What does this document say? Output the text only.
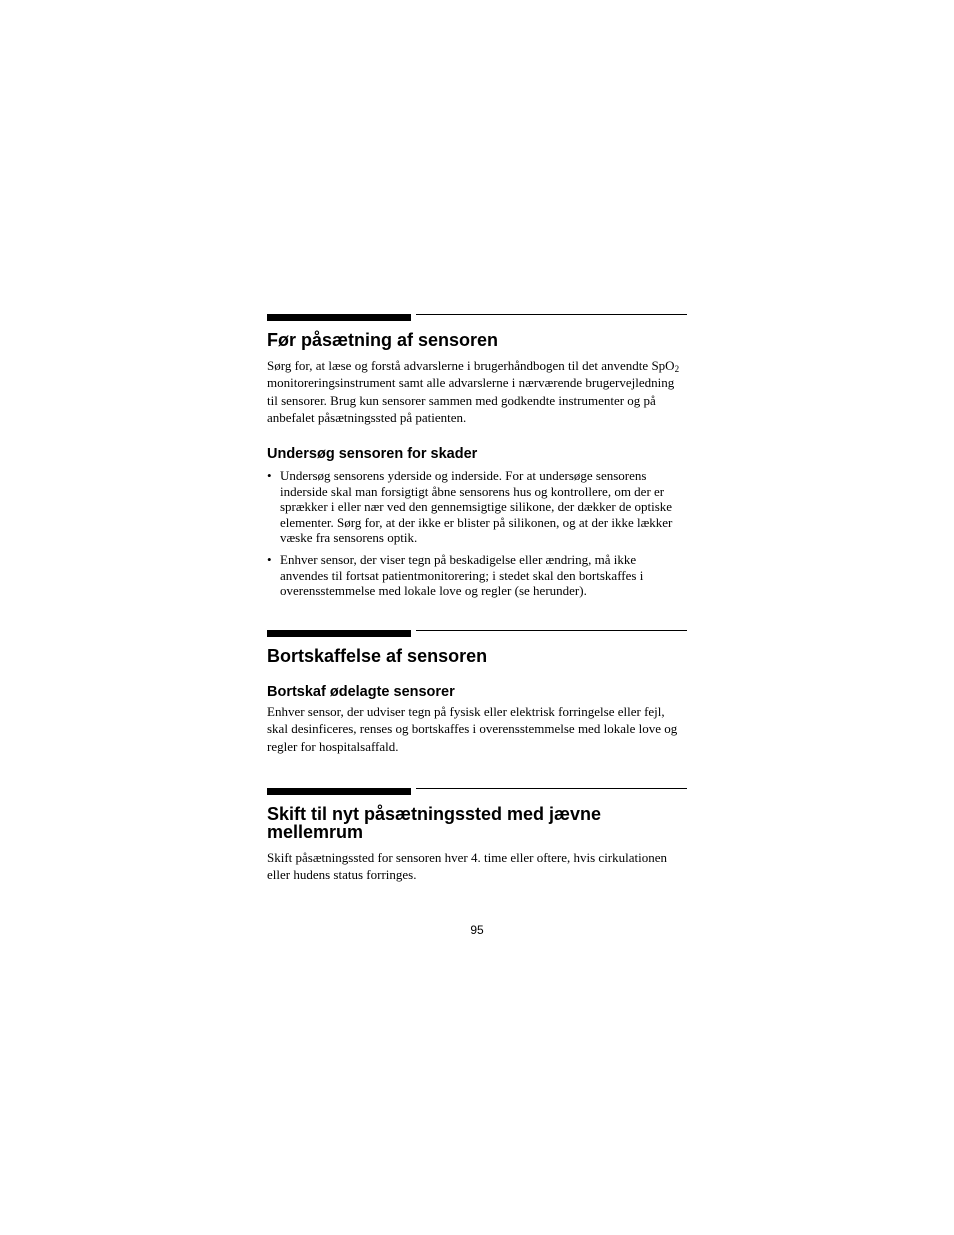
Før påsætning af sensoren

Sørg for, at læse og forstå advarslerne i brugerhåndbogen til det anvendte SpO$_2$ monitoreringsinstrument samt alle advarslerne i nærværende brugervejledning til sensorer. Brug kun sensorer sammen med godkendte instrumenter og på anbefalet påsætningssted på patienten.

Undersøg sensoren for skader
• Undersøg sensorens yderside og inderside. For at undersøge sensorens inderside skal man forsigtigt åbne sensorens hus og kontrollere, om der er sprækker i eller nær ved den gennemsigtige silikone, der dækker de optiske elementer. Sørg for, at der ikke er blister på silikonen, og at der ikke lækker væske fra sensorens optik.
• Enhver sensor, der viser tegn på beskadigelse eller ændring, må ikke anvendes til fortsat patientmonitorering; i stedet skal den bortskaffes i overensstemmelse med lokale love og regler (se herunder).
Bortskaffelse af sensoren
Bortskaf ødelagte sensorer

Enhver sensor, der udviser tegn på fysisk eller elektrisk forringelse eller fejl, skal desinficeres, renses og bortskaffes i overensstemmelse med lokale love og regler for hospitalsaffald.

Skift til nyt påsætningssted med jævne mellemrum

Skift påsætningssted for sensoren hver 4. time eller oftere, hvis cirkulationen eller hudens status forringes.

95
